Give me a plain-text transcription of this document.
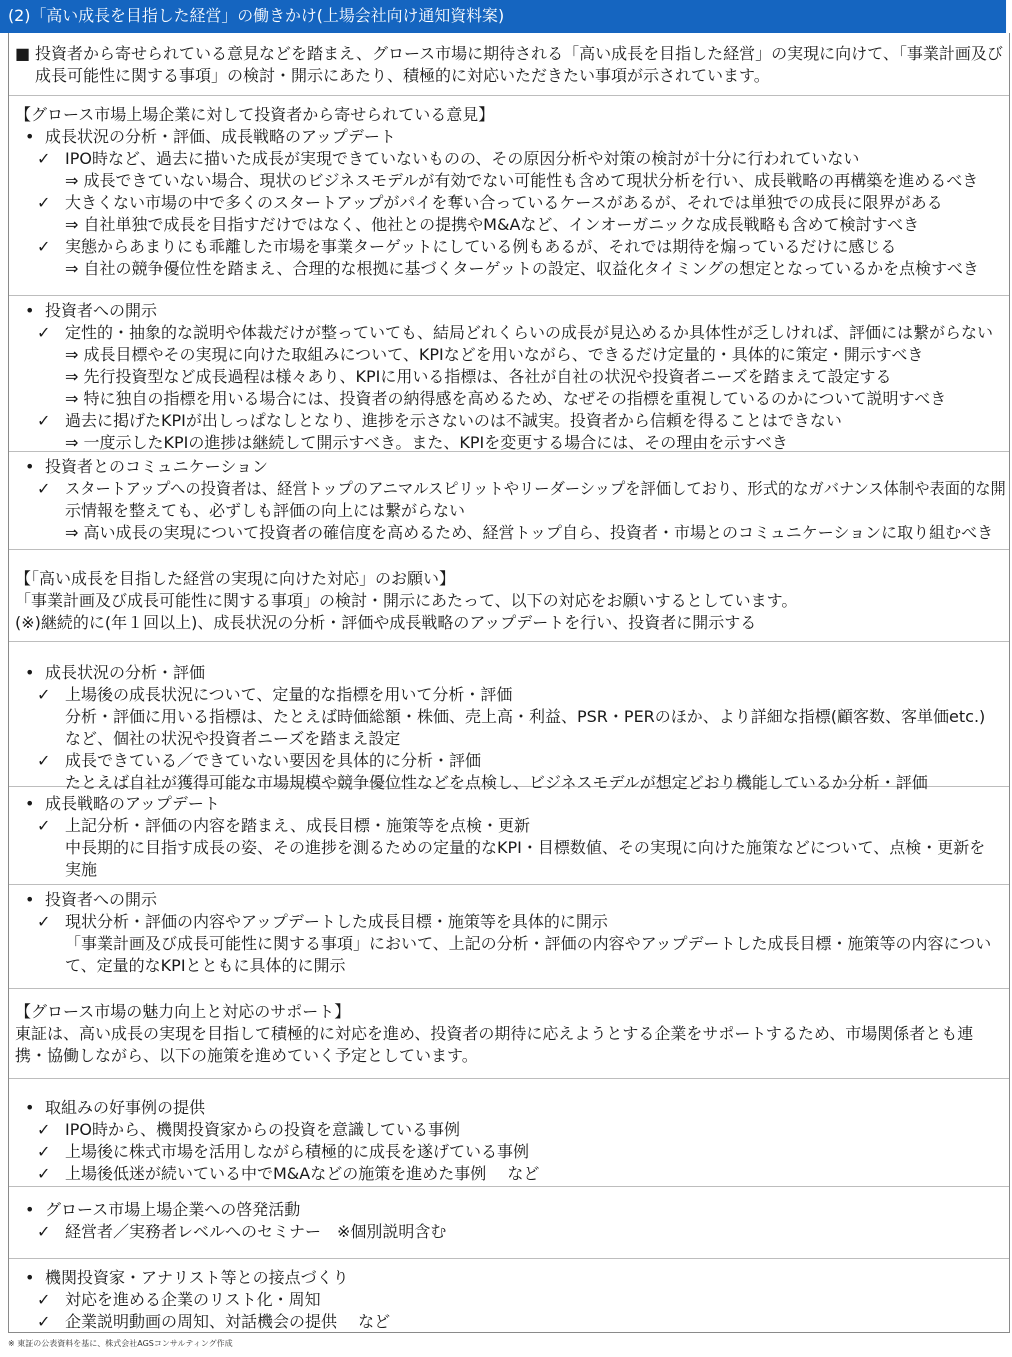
(2)「高い成長を目指した経営」の働きかけ(上場会社向け通知資料案)
■ 投資者から寄せられている意見などを踏まえ、グロース市場に期待される「高い成長を目指した経営」の実現に向けて、「事業計画及び
成長可能性に関する事項」の検討・開示にあたり、積極的に対応いただきたい事項が示されています。
【グロース市場上場企業に対して投資者から寄せられている意見】
• 成長状況の分析・評価、成長戦略のアップデート
✓ IPO時など、過去に描いた成長が実現できていないものの、その原因分析や対策の検討が十分に行われていない
⇒ 成長できていない場合、現状のビジネスモデルが有効でない可能性も含めて現状分析を行い、成長戦略の再構築を進めるべき
✓ 大きくない市場の中で多くのスタートアップがパイを奪い合っているケースがあるが、それでは単独での成長に限界がある
⇒ 自社単独で成長を目指すだけではなく、他社との提携やM&Aなど、インオーガニックな成長戦略も含めて検討すべき
✓ 実態からあまりにも乖離した市場を事業ターゲットにしている例もあるが、それでは期待を煽っているだけに感じる
⇒ 自社の競争優位性を踏まえ、合理的な根拠に基づくターゲットの設定、収益化タイミングの想定となっているかを点検すべき
• 投資者への開示
✓ 定性的・抽象的な説明や体裁だけが整っていても、結局どれくらいの成長が見込めるか具体性が乏しければ、評価には繋がらない
⇒ 成長目標やその実現に向けた取組みについて、KPIなどを用いながら、できるだけ定量的・具体的に策定・開示すべき
⇒ 先行投資型など成長過程は様々あり、KPIに用いる指標は、各社が自社の状況や投資者ニーズを踏まえて設定する
⇒ 特に独自の指標を用いる場合には、投資者の納得感を高めるため、なぜその指標を重視しているのかについて説明すべき
✓ 過去に掲げたKPIが出しっぱなしとなり、進捗を示さないのは不誠実。投資者から信頼を得ることはできない
⇒ 一度示したKPIの進捗は継続して開示すべき。また、KPIを変更する場合には、その理由を示すべき
• 投資者とのコミュニケーション
✓ スタートアップへの投資者は、経営トップのアニマルスピリットやリーダーシップを評価しており、形式的なガバナンス体制や表面的な開
示情報を整えても、必ずしも評価の向上には繋がらない
⇒ 高い成長の実現について投資者の確信度を高めるため、経営トップ自ら、投資者・市場とのコミュニケーションに取り組むべき
【「高い成長を目指した経営の実現に向けた対応」のお願い】
「事業計画及び成長可能性に関する事項」の検討・開示にあたって、以下の対応をお願いするとしています。
(※)継続的に(年１回以上)、成長状況の分析・評価や成長戦略のアップデートを行い、投資者に開示する
• 成長状況の分析・評価
✓ 上場後の成長状況について、定量的な指標を用いて分析・評価
分析・評価に用いる指標は、たとえば時価総額・株価、売上高・利益、PSR・PERのほか、より詳細な指標(顧客数、客単価etc.)
など、個社の状況や投資者ニーズを踏まえ設定
✓ 成長できている／できていない要因を具体的に分析・評価
たとえば自社が獲得可能な市場規模や競争優位性などを点検し、ビジネスモデルが想定どおり機能しているか分析・評価
• 成長戦略のアップデート
✓ 上記分析・評価の内容を踏まえ、成長目標・施策等を点検・更新
中長期的に目指す成長の姿、その進捗を測るための定量的なKPI・目標数値、その実現に向けた施策などについて、点検・更新を
実施
• 投資者への開示
✓ 現状分析・評価の内容やアップデートした成長目標・施策等を具体的に開示
「事業計画及び成長可能性に関する事項」において、上記の分析・評価の内容やアップデートした成長目標・施策等の内容につい
て、定量的なKPIとともに具体的に開示
【グロース市場の魅力向上と対応のサポート】
東証は、高い成長の実現を目指して積極的に対応を進め、投資者の期待に応えようとする企業をサポートするため、市場関係者とも連
携・協働しながら、以下の施策を進めていく予定としています。
• 取組みの好事例の提供
✓ IPO時から、機関投資家からの投資を意識している事例
✓ 上場後に株式市場を活用しながら積極的に成長を遂げている事例
✓ 上場後低迷が続いている中でM&Aなどの施策を進めた事例　 など
• グロース市場上場企業への啓発活動
✓ 経営者／実務者レベルへのセミナー　※個別説明含む
• 機関投資家・アナリスト等との接点づくり
✓ 対応を進める企業のリスト化・周知
✓ 企業説明動画の周知、対話機会の提供　 など
※ 東証の公表資料を基に、株式会社AGSコンサルティング作成
